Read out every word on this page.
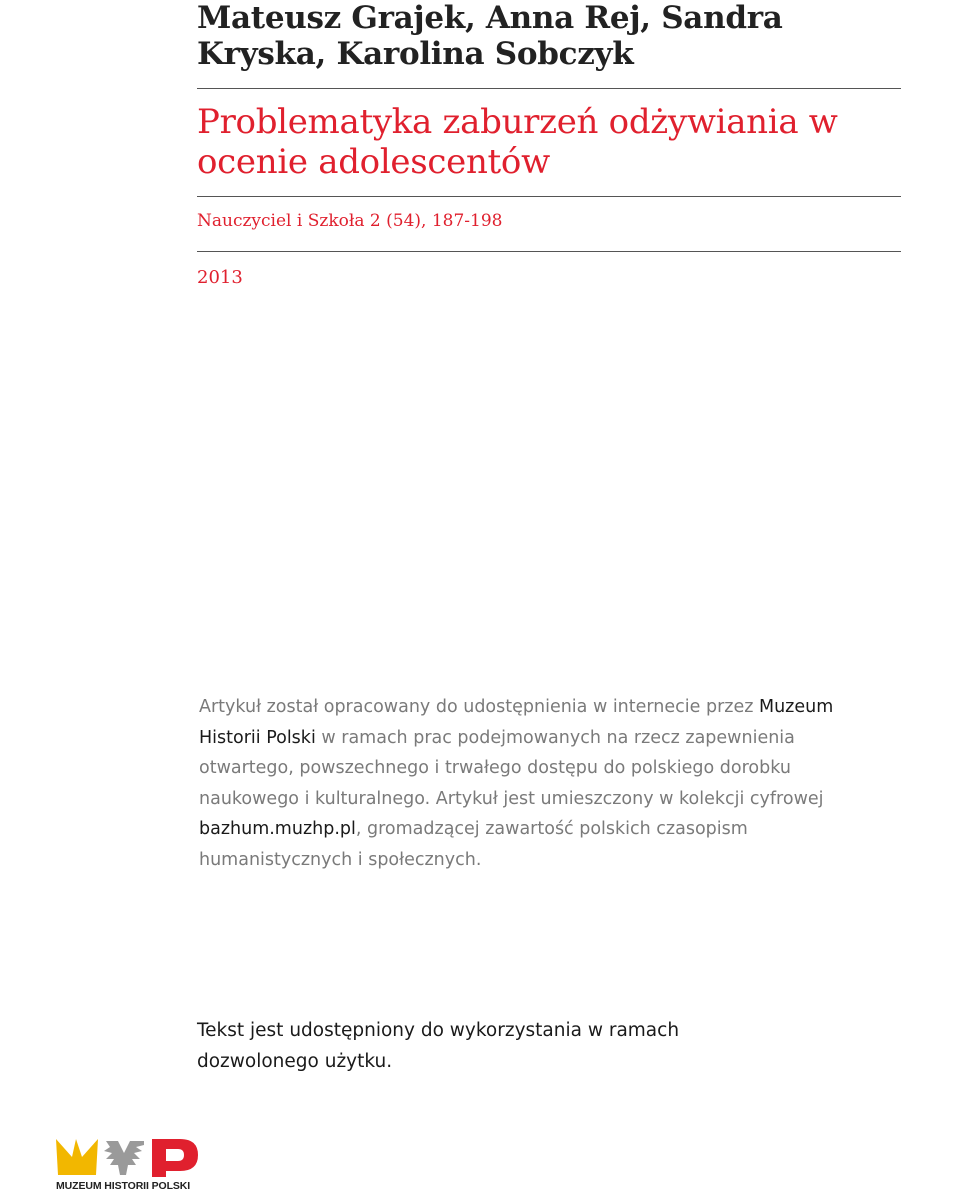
Mateusz Grajek, Anna Rej, Sandra Kryska, Karolina Sobczyk
Problematyka zaburzeń odżywiania w ocenie adolescentów

Nauczyciel i Szkoła 2 (54), 187-198

2013

Artykuł został opracowany do udostępnienia w internecie przez Muzeum Historii Polski w ramach prac podejmowanych na rzecz zapewnienia otwartego, powszechnego i trwałego dostępu do polskiego dorobku naukowego i kulturalnego. Artykuł jest umieszczony w kolekcji cyfrowej bazhum.muzhp.pl, gromadzącej zawartość polskich czasopism humanistycznych i społecznych.

Tekst jest udostępniony do wykorzystania w ramach dozwolonego użytku.

MUZEUM HISTORII POLSKI
